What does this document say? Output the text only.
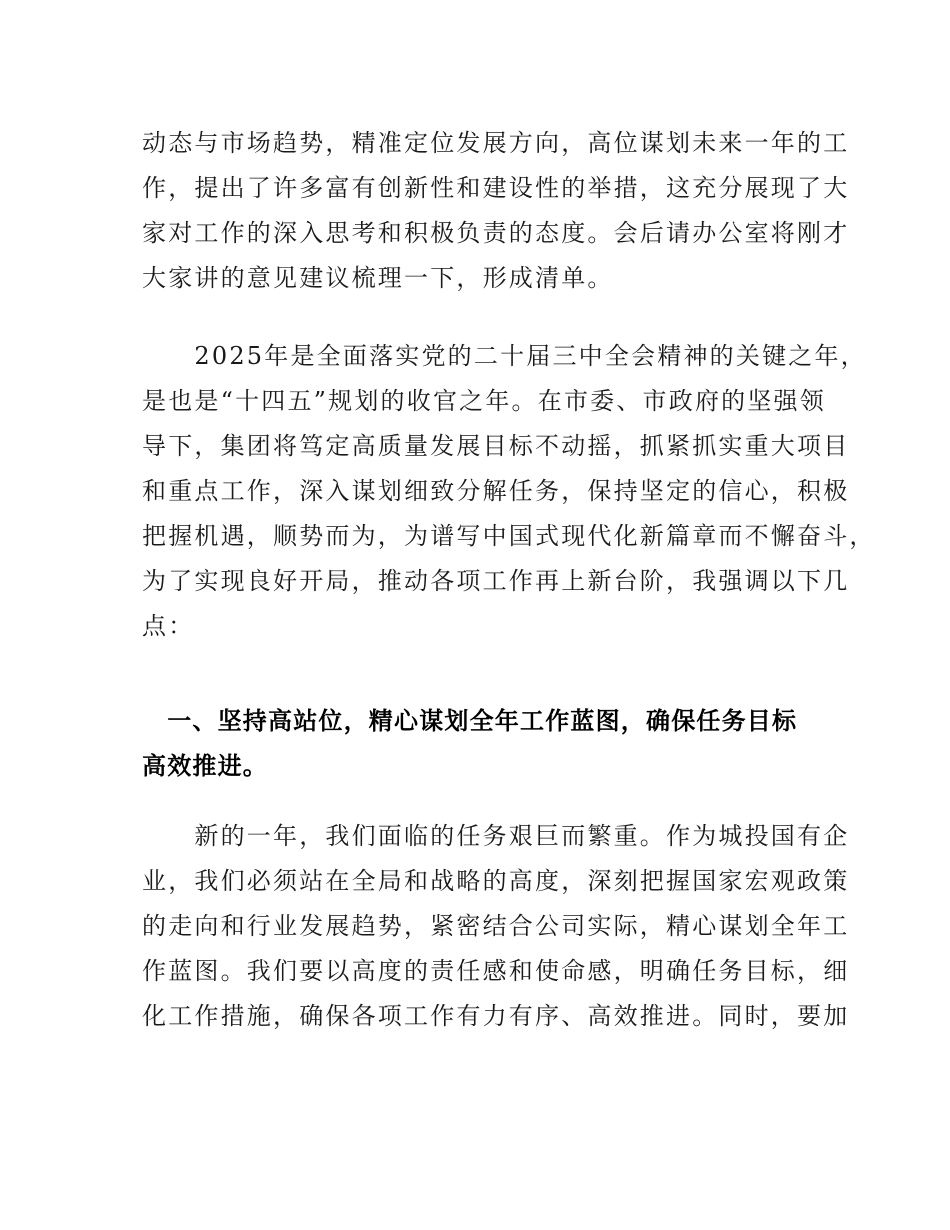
动态与市场趋势，精准定位发展方向，高位谋划未来一年的工
作，提出了许多富有创新性和建设性的举措，这充分展现了大
家对工作的深入思考和积极负责的态度。会后请办公室将刚才
大家讲的意见建议梳理一下，形成清单。
　　2025年是全面落实党的二十届三中全会精神的关键之年，
是也是“十四五”规划的收官之年。在市委、市政府的坚强领
导下，集团将笃定高质量发展目标不动摇，抓紧抓实重大项目
和重点工作，深入谋划细致分解任务，保持坚定的信心，积极
把握机遇，顺势而为，为谱写中国式现代化新篇章而不懈奋斗，
为了实现良好开局，推动各项工作再上新台阶，我强调以下几
点：
　一、坚持高站位，精心谋划全年工作蓝图，确保任务目标
高效推进。
　　新的一年，我们面临的任务艰巨而繁重。作为城投国有企
业，我们必须站在全局和战略的高度，深刻把握国家宏观政策
的走向和行业发展趋势，紧密结合公司实际，精心谋划全年工
作蓝图。我们要以高度的责任感和使命感，明确任务目标，细
化工作措施，确保各项工作有力有序、高效推进。同时，要加
